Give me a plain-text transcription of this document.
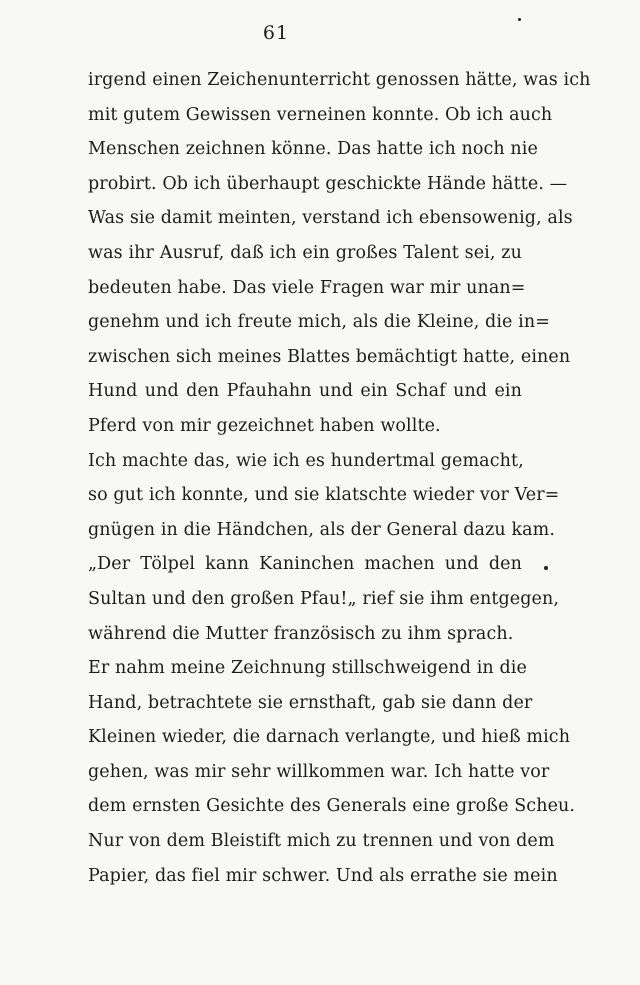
61
irgend einen Zeichenunterricht genossen hätte, was ich
mit gutem Gewissen verneinen konnte. Ob ich auch
Menschen zeichnen könne. Das hatte ich noch nie
probirt. Ob ich überhaupt geschickte Hände hätte. —
Was sie damit meinten, verstand ich ebensowenig, als
was ihr Ausruf, daß ich ein großes Talent sei, zu
bedeuten habe. Das viele Fragen war mir unan=
genehm und ich freute mich, als die Kleine, die in=
zwischen sich meines Blattes bemächtigt hatte, einen
Hund und den Pfauhahn und ein Schaf und ein
Pferd von mir gezeichnet haben wollte.
Ich machte das, wie ich es hundertmal gemacht,
so gut ich konnte, und sie klatschte wieder vor Ver=
gnügen in die Händchen, als der General dazu kam.
„Der Tölpel kann Kaninchen machen und den
Sultan und den großen Pfau!„ rief sie ihm entgegen,
während die Mutter französisch zu ihm sprach.
Er nahm meine Zeichnung stillschweigend in die
Hand, betrachtete sie ernsthaft, gab sie dann der
Kleinen wieder, die darnach verlangte, und hieß mich
gehen, was mir sehr willkommen war. Ich hatte vor
dem ernsten Gesichte des Generals eine große Scheu.
Nur von dem Bleistift mich zu trennen und von dem
Papier, das fiel mir schwer. Und als errathe sie mein
